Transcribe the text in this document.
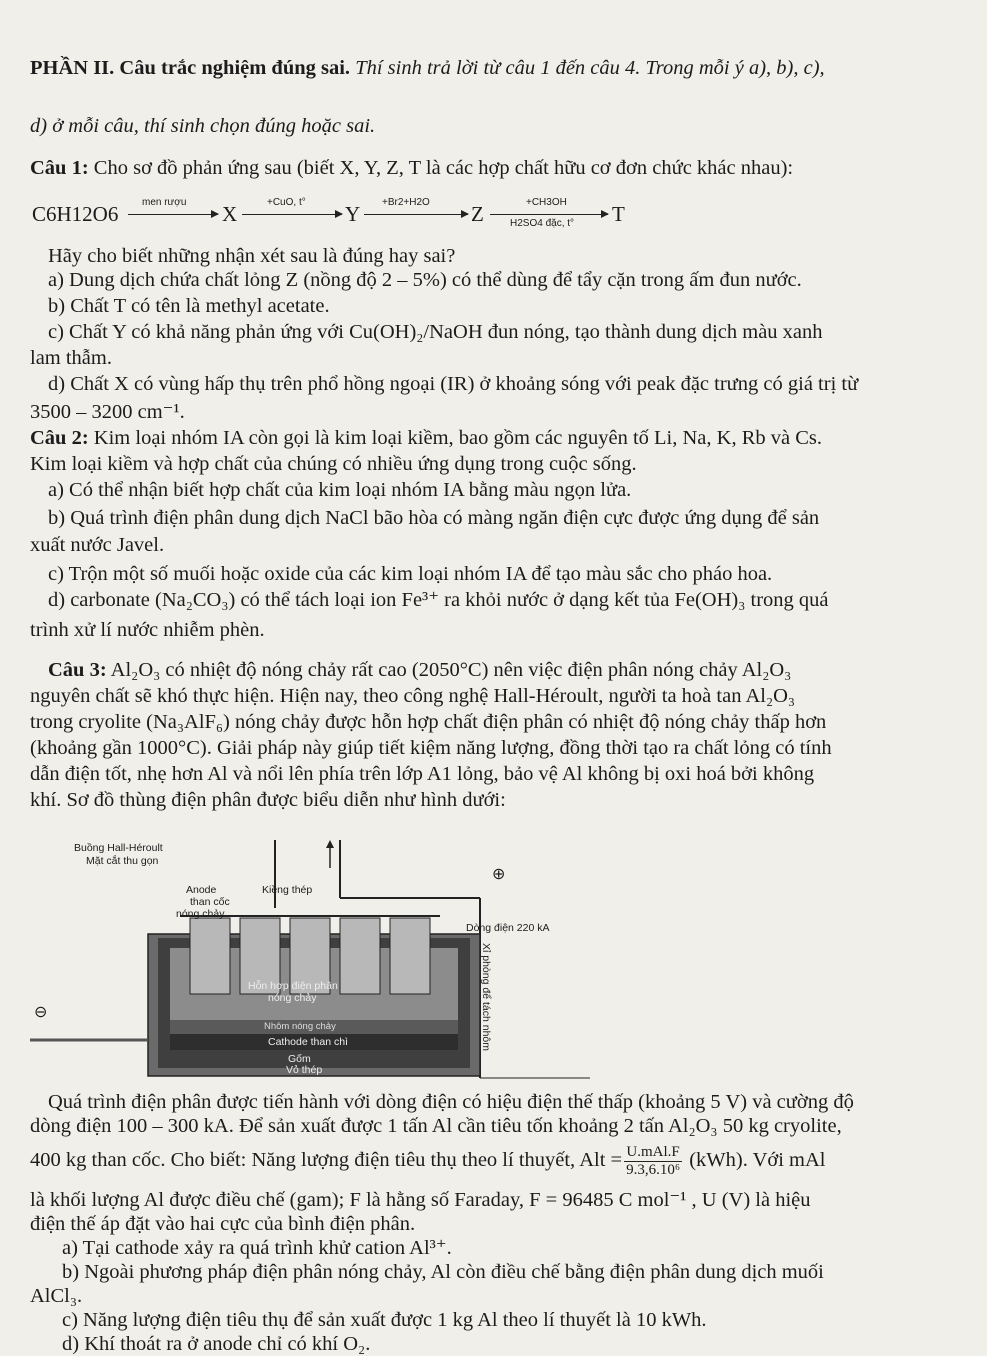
PHẦN II. Câu trắc nghiệm đúng sai. Thí sinh trả lời từ câu 1 đến câu 4. Trong mỗi ý a), b), c),
d) ở mỗi câu, thí sinh chọn đúng hoặc sai.
Câu 1: Cho sơ đồ phản ứng sau (biết X, Y, Z, T là các hợp chất hữu cơ đơn chức khác nhau):
C6H12O6 men rượu X	+CuO, t° Y +Br2+H2O Z	+CH3OH
H2SO4 đặc, t° T
Hãy cho biết những nhận xét sau là đúng hay sai?
a) Dung dịch chứa chất lỏng Z (nồng độ 2 – 5%) có thể dùng để tẩy cặn trong ấm đun nước.
b) Chất T có tên là methyl acetate.
c) Chất Y có khả năng phản ứng với Cu(OH)₂/NaOH đun nóng, tạo thành dung dịch màu xanh
lam thẫm.
d) Chất X có vùng hấp thụ trên phổ hồng ngoại (IR) ở khoảng sóng với peak đặc trưng có giá trị từ
3500 – 3200 cm⁻¹.
Câu 2: Kim loại nhóm IA còn gọi là kim loại kiềm, bao gồm các nguyên tố Li, Na, K, Rb và Cs.
Kim loại kiềm và hợp chất của chúng có nhiều ứng dụng trong cuộc sống.
a) Có thể nhận biết hợp chất của kim loại nhóm IA bằng màu ngọn lửa.
b) Quá trình điện phân dung dịch NaCl bão hòa có màng ngăn điện cực được ứng dụng để sản
xuất nước Javel.
c) Trộn một số muối hoặc oxide của các kim loại nhóm IA để tạo màu sắc cho pháo hoa.
d) carbonate (Na₂CO₃) có thể tách loại ion Fe³⁺ ra khỏi nước ở dạng kết tủa Fe(OH)₃ trong quá
trình xử lí nước nhiễm phèn.
Câu 3: Al₂O₃ có nhiệt độ nóng chảy rất cao (2050°C) nên việc điện phân nóng chảy Al₂O₃
nguyên chất sẽ khó thực hiện. Hiện nay, theo công nghệ Hall-Héroult, người ta hoà tan Al₂O₃
trong cryolite (Na₃AlF₆) nóng chảy được hỗn hợp chất điện phân có nhiệt độ nóng chảy thấp hơn
(khoảng gần 1000°C). Giải pháp này giúp tiết kiệm năng lượng, đồng thời tạo ra chất lỏng có tính
dẫn điện tốt, nhẹ hơn Al và nổi lên phía trên lớp A1 lỏng, bảo vệ Al không bị oxi hoá bởi không
khí. Sơ đồ thùng điện phân được biểu diễn như hình dưới:
Buồng Hall-Héroult
Mặt cắt thu gọn
Anode
than cốc
nóng chảy
Kiềng thép
Dòng điện 220 kA
Xỉ phòng để tách nhôm
Hỗn hợp điện phân
nóng chảy
Nhôm nóng chảy
Cathode than chì
Gốm
Vỏ thép
⊕
⊖
Quá trình điện phân được tiến hành với dòng điện có hiệu điện thế thấp (khoảng 5 V) và cường độ
dòng điện 100 – 300 kA. Để sản xuất được 1 tấn Al cần tiêu tốn khoảng 2 tấn Al₂O₃ 50 kg cryolite,
400 kg than cốc. Cho biết: Năng lượng điện tiêu thụ theo lí thuyết, Alt = $\frac{\text{U.mAl.F}}{\text{9.3,6.10⁶}} (kWh)$. Với mAl
là khối lượng Al được điều chế (gam); F là hằng số Faraday, F = 96485 C mol⁻¹ , U (V) là hiệu
điện thế áp đặt vào hai cực của bình điện phân.
a) Tại cathode xảy ra quá trình khử cation Al³⁺.
b) Ngoài phương pháp điện phân nóng chảy, Al còn điều chế bằng điện phân dung dịch muối
AlCl₃.
c) Năng lượng điện tiêu thụ để sản xuất được 1 kg Al theo lí thuyết là 10 kWh.
d) Khí thoát ra ở anode chỉ có khí O₂.
